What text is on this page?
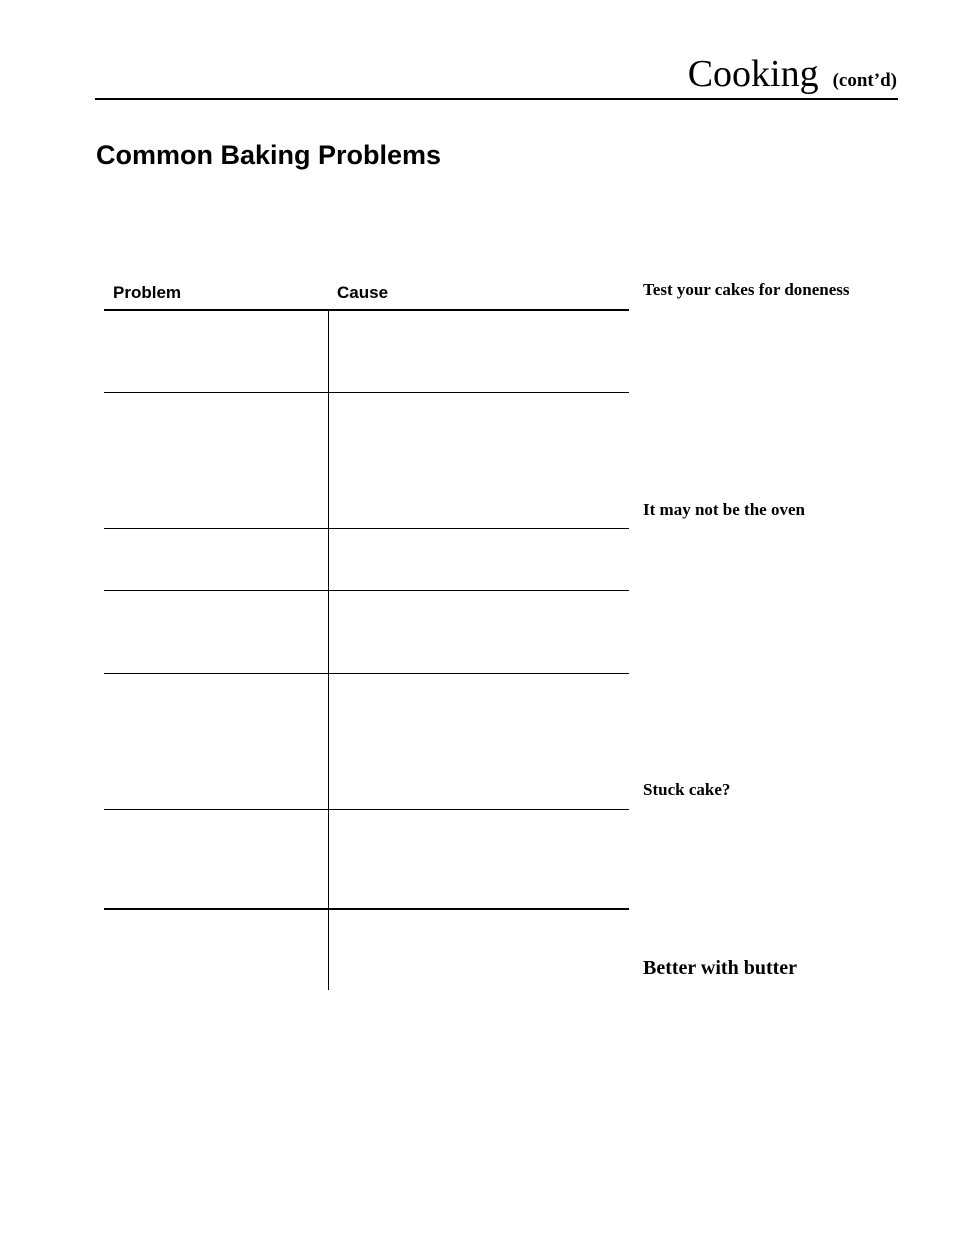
Cooking (cont’d)
Common Baking Problems
Problem	Cause	Test your cakes for doneness
It may not be the oven
Stuck cake?
Better with butter
